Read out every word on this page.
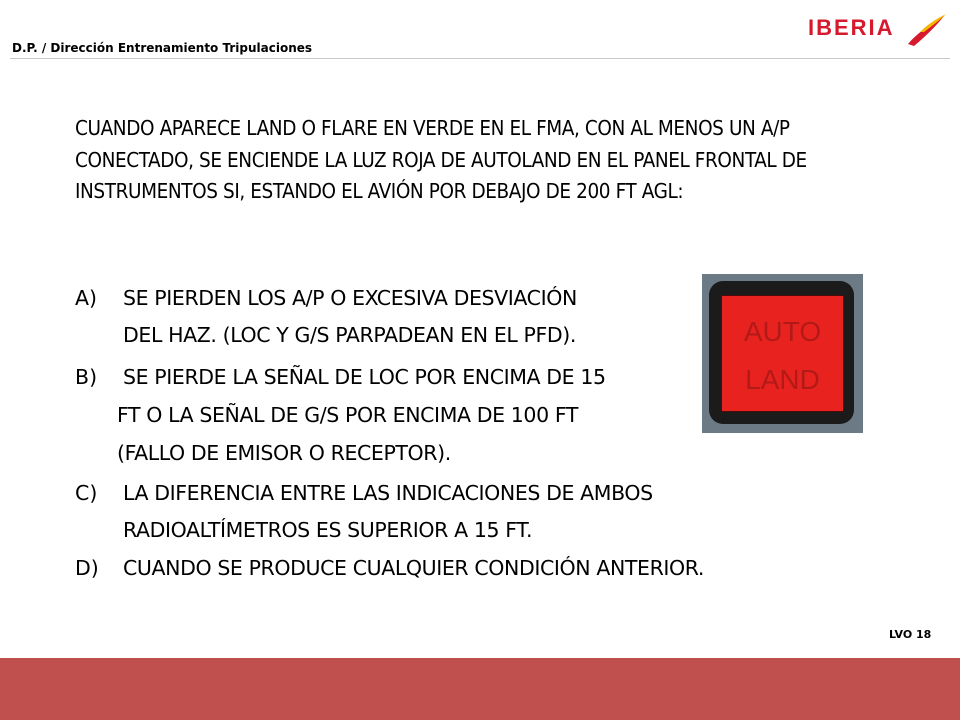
D.P. / Dirección Entrenamiento Tripulaciones
IBERIA
CUANDO APARECE LAND O FLARE EN VERDE EN EL FMA, CON AL MENOS UN A/P CONECTADO, SE ENCIENDE LA LUZ ROJA DE AUTOLAND EN EL PANEL FRONTAL DE INSTRUMENTOS SI, ESTANDO EL AVIÓN POR DEBAJO DE 200 FT AGL:
A) SE PIERDEN LOS A/P O EXCESIVA DESVIACIÓN
DEL HAZ. (LOC Y G/S PARPADEAN EN EL PFD).
B) SE PIERDE LA SEÑAL DE LOC POR ENCIMA DE 15
FT O LA SEÑAL DE G/S POR ENCIMA DE 100 FT
(FALLO DE EMISOR O RECEPTOR).
C) LA DIFERENCIA ENTRE LAS INDICACIONES DE AMBOS
RADIOALTÍMETROS ES SUPERIOR A 15 FT.
D) CUANDO SE PRODUCE CUALQUIER CONDICIÓN ANTERIOR.
AUTO
LAND
LVO 18
